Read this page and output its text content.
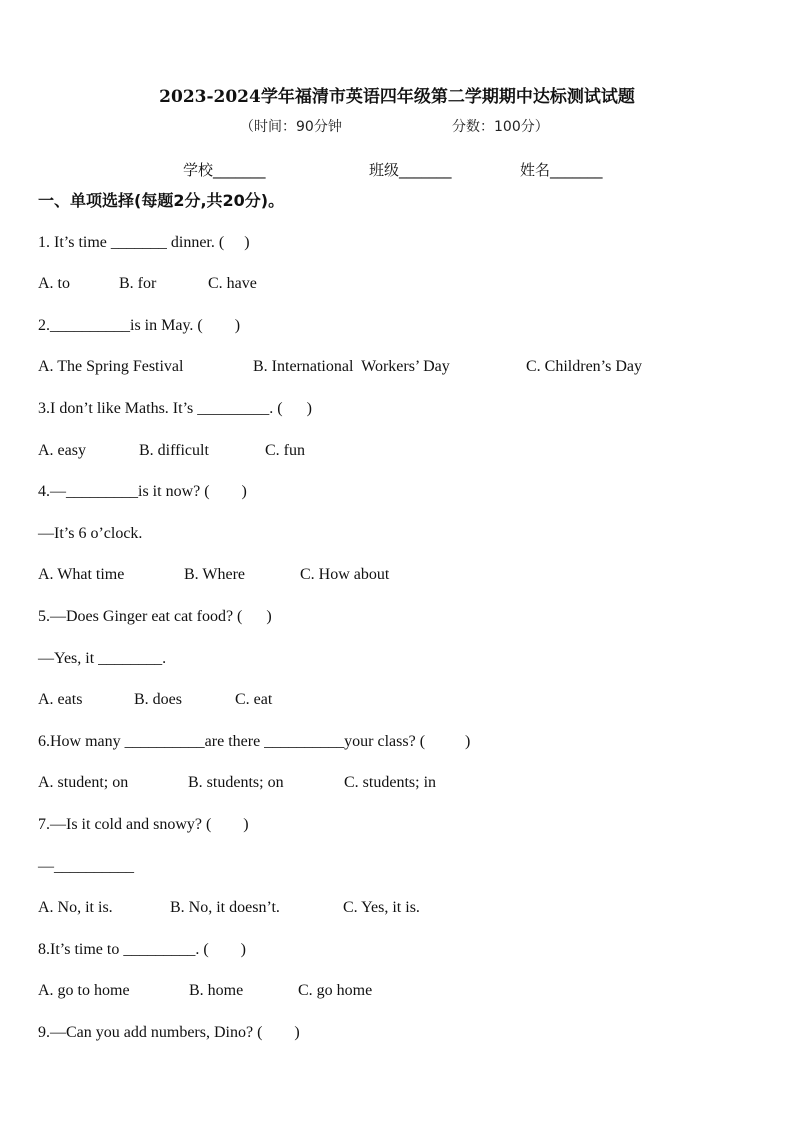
2023-2024学年福清市英语四年级第二学期期中达标测试试题
（时间：90分钟	分数：100分）
学校_______	班级_______	姓名_______
一、单项选择(每题2分,共20分)。
1. It’s time _______ dinner. (     )
A. to	B. for	C. have
2.__________is in May. (        )
A. The Spring Festival	B. International  Workers’ Day	C. Children’s Day
3.I don’t like Maths. It’s _________. (      )
A. easy	B. difficult	C. fun
4.—_________is it now? (        )
—It’s 6 o’clock.
A. What time	B. Where	C. How about
5.—Does Ginger eat cat food? (      )
—Yes, it ________.
A. eats	B. does	C. eat
6.How many __________are there __________your class? (          )
A. student; on	B. students; on	C. students; in
7.—Is it cold and snowy? (        )
—__________
A. No, it is.	B. No, it doesn’t.	C. Yes, it is.
8.It’s time to _________. (        )
A. go to home	B. home	C. go home
9.—Can you add numbers, Dino? (        )
